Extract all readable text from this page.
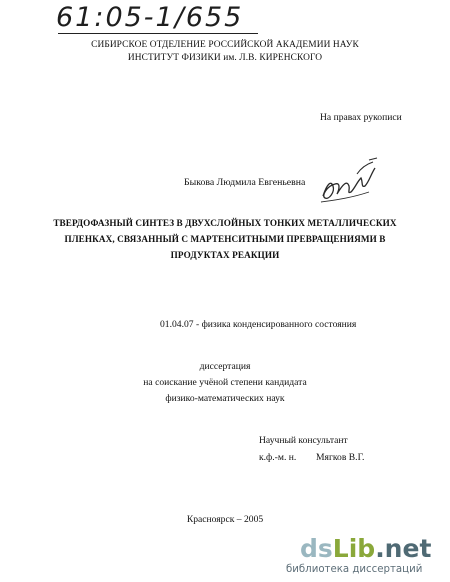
61:05-1/655
СИБИРСКОЕ ОТДЕЛЕНИЕ РОССИЙСКОЙ АКАДЕМИИ НАУК
ИНСТИТУТ ФИЗИКИ им. Л.В. КИРЕНСКОГО
На правах рукописи
Быкова Людмила Евгеньевна
ТВЕРДОФАЗНЫЙ СИНТЕЗ В ДВУХСЛОЙНЫХ ТОНКИХ МЕТАЛЛИЧЕСКИХ
ПЛЕНКАХ, СВЯЗАННЫЙ С МАРТЕНСИТНЫМИ ПРЕВРАЩЕНИЯМИ В
ПРОДУКТАХ РЕАКЦИИ
01.04.07 - физика конденсированного состояния
диссертация
на соискание учёной степени кандидата
физико-математических наук
Научный консультант
к.ф.-м. н. Мягков В.Г.
Красноярск – 2005
dsLib.net
библиотека диссертаций
